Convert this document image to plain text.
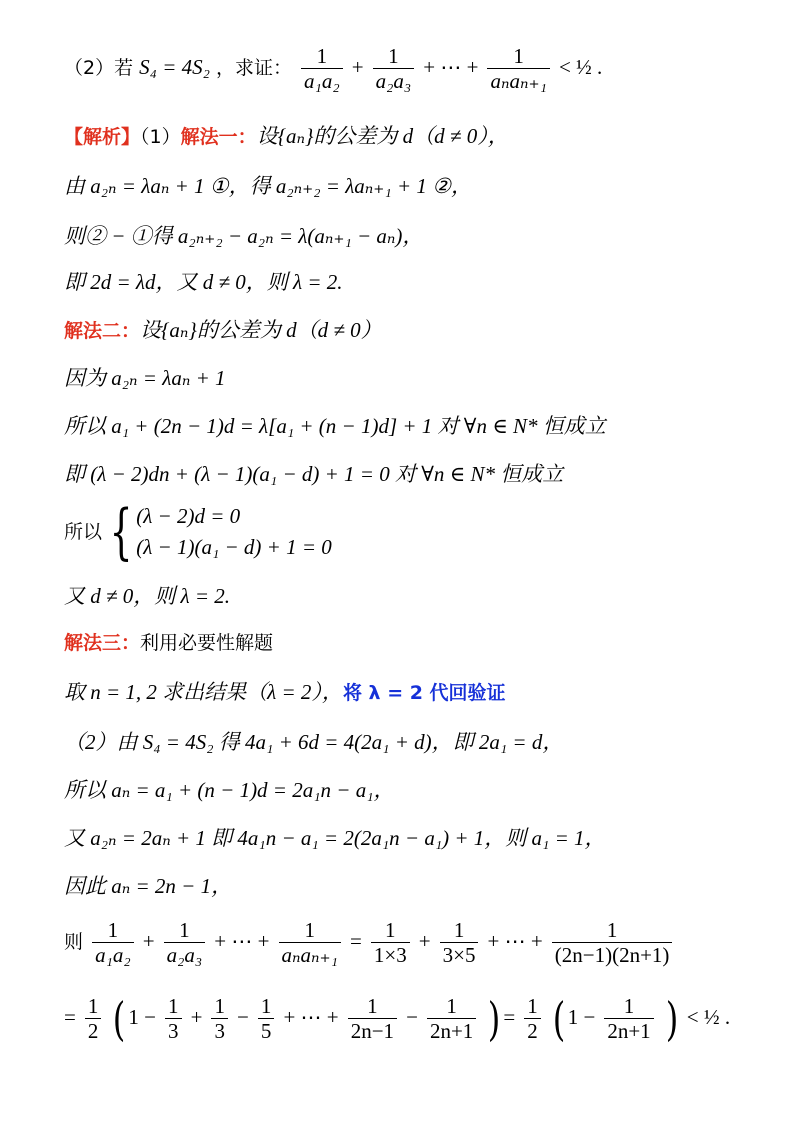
（2）若 S₄ = 4S₂ ，求证： $\frac{1}{\text{a₁a₂}} + \frac{1}{\text{a₂a₃}}$ + ⋯ + $\frac{1}{\text{aₙaₙ₊₁}}$ < ½ .
【解析】（1）解法一：设{aₙ}的公差为 d（d ≠ 0），
由 a₂ₙ = λaₙ + 1 ①，得 a₂ₙ₊₂ = λaₙ₊₁ + 1 ②，
则② − ①得 a₂ₙ₊₂ − a₂ₙ = λ(aₙ₊₁ − aₙ)，
即 2d = λd，又 d ≠ 0，则 λ = 2.
解法二：设{aₙ}的公差为 d（d ≠ 0）
因为 a₂ₙ = λaₙ + 1
所以 a₁ + (2n − 1)d = λ[a₁ + (n − 1)d] + 1 对 ∀n ∈ N* 恒成立
即 (λ − 2)dn + (λ − 1)(a₁ − d) + 1 = 0 对 ∀n ∈ N* 恒成立
所以 { (λ − 2)d = 0
(λ − 1)(a₁ − d) + 1 = 0
又 d ≠ 0，则 λ = 2.
解法三：利用必要性解题
取 n = 1, 2 求出结果（λ = 2），将 λ = 2 代回验证
（2）由 S₄ = 4S₂ 得 4a₁ + 6d = 4(2a₁ + d)，即 2a₁ = d，
所以 aₙ = a₁ + (n − 1)d = 2a₁n − a₁，
又 a₂ₙ = 2aₙ + 1 即 4a₁n − a₁ = 2(2a₁n − a₁) + 1，则 a₁ = 1，
因此 aₙ = 2n − 1，
则 $\frac{1}{\text{a₁a₂}} + \frac{1}{\text{a₂a₃}}$ + ⋯ + $\frac{1}{\text{aₙaₙ₊₁}} = \frac{1}{1\times 3} + \frac{1}{3\times 5}$ + ⋯ + $\frac{1}{(2n-1)(2n+1)}$
= $\frac{1}{2}$ ( $1 - \frac{1}{3} + \frac{1}{3} - \frac{1}{5}$ + ⋯ + $\frac{1}{2n-1} - \frac{1}{2n+1}$ ) = $\frac{1}{2}$ ( $1 - \frac{1}{2n+1}$ ) < ½ .
